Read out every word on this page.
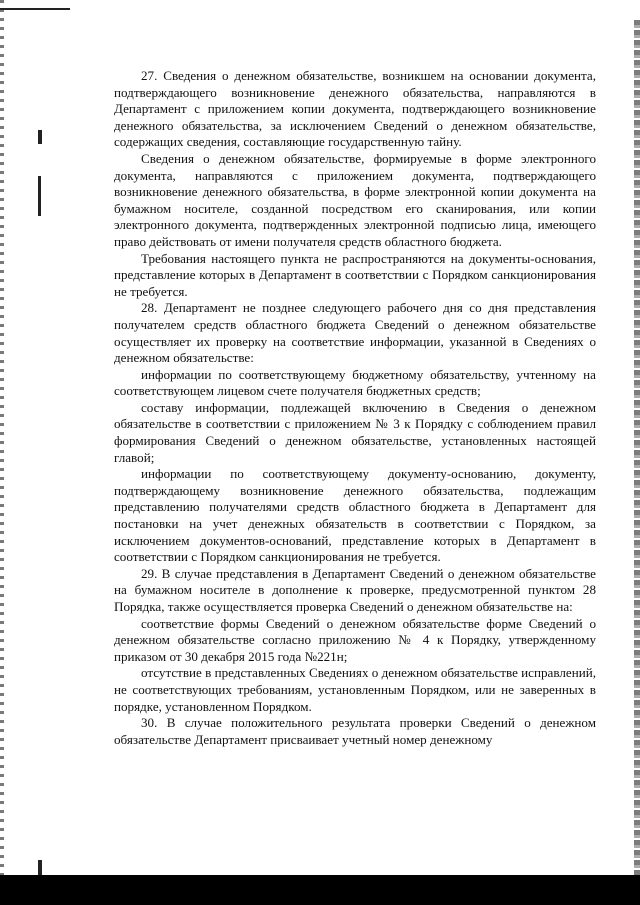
27. Сведения о денежном обязательстве, возникшем на основании документа, подтверждающего возникновение денежного обязательства, направляются в Департамент с приложением копии документа, подтверждающего возникновение денежного обязательства, за исключением Сведений о денежном обязательстве, содержащих сведения, составляющие государственную тайну.

Сведения о денежном обязательстве, формируемые в форме электронного документа, направляются с приложением документа, подтверждающего возникновение денежного обязательства, в форме электронной копии документа на бумажном носителе, созданной посредством его сканирования, или копии электронного документа, подтвержденных электронной подписью лица, имеющего право действовать от имени получателя средств областного бюджета.

Требования настоящего пункта не распространяются на документы-основания, представление которых в Департамент в соответствии с Порядком санкционирования не требуется.

28. Департамент не позднее следующего рабочего дня со дня представления получателем средств областного бюджета Сведений о денежном обязательстве осуществляет их проверку на соответствие информации, указанной в Сведениях о денежном обязательстве:

информации по соответствующему бюджетному обязательству, учтенному на соответствующем лицевом счете получателя бюджетных средств;

составу информации, подлежащей включению в Сведения о денежном обязательстве в соответствии с приложением № 3 к Порядку с соблюдением правил формирования Сведений о денежном обязательстве, установленных настоящей главой;

информации по соответствующему документу-основанию, документу, подтверждающему возникновение денежного обязательства, подлежащим представлению получателями средств областного бюджета в Департамент для постановки на учет денежных обязательств в соответствии с Порядком, за исключением документов-оснований, представление которых в Департамент в соответствии с Порядком санкционирования не требуется.

29. В случае представления в Департамент Сведений о денежном обязательстве на бумажном носителе в дополнение к проверке, предусмотренной пунктом 28 Порядка, также осуществляется проверка Сведений о денежном обязательстве на:

соответствие формы Сведений о денежном обязательстве форме Сведений о денежном обязательстве согласно приложению № 4 к Порядку, утвержденному приказом от 30 декабря 2015 года №221н;

отсутствие в представленных Сведениях о денежном обязательстве исправлений, не соответствующих требованиям, установленным Порядком, или не заверенных в порядке, установленном Порядком.

30. В случае положительного результата проверки Сведений о денежном обязательстве Департамент присваивает учетный номер денежному
